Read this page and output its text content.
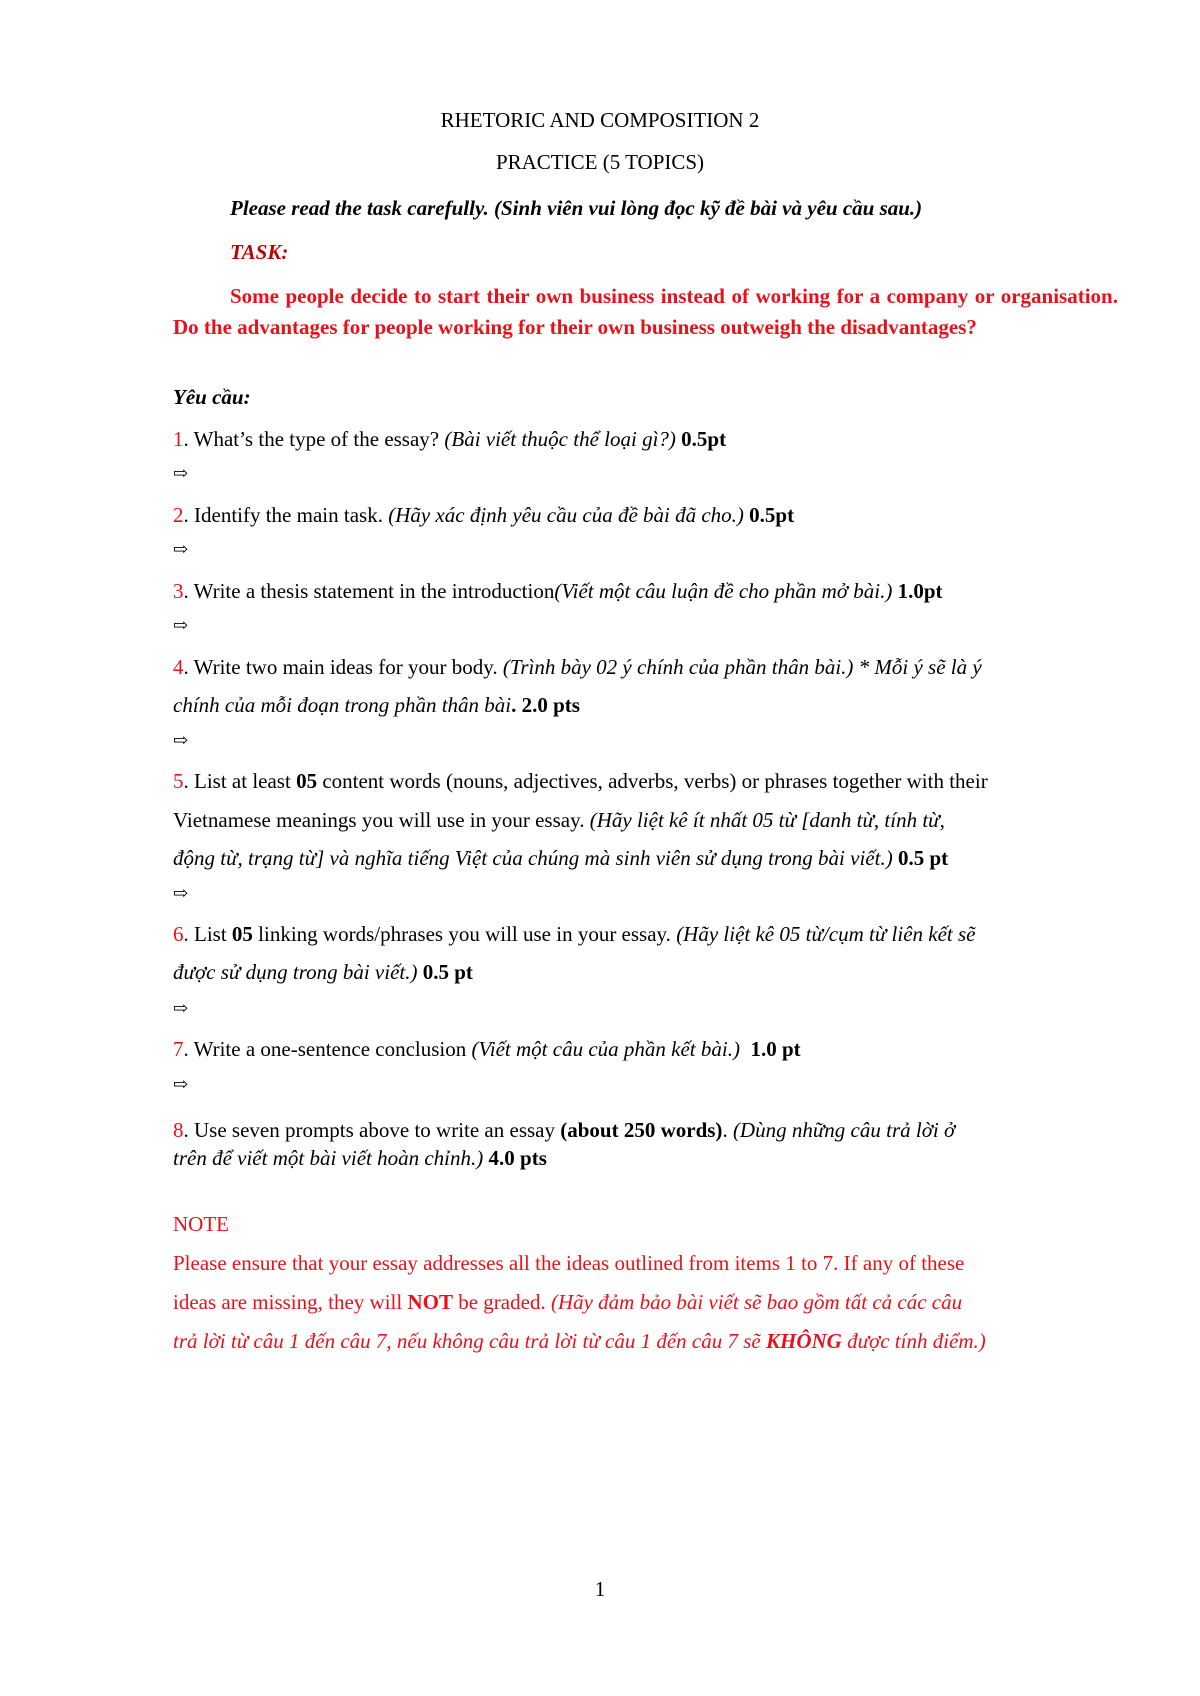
RHETORIC AND COMPOSITION 2
PRACTICE (5 TOPICS)
Please read the task carefully. (Sinh viên vui lòng đọc kỹ đề bài và yêu cầu sau.)
TASK:
Some people decide to start their own business instead of working for a company or organisation. Do the advantages for people working for their own business outweigh the disadvantages?
Yêu cầu:
1. What’s the type of the essay? (Bài viết thuộc thể loại gì?) 0.5pt
⇨
2. Identify the main task. (Hãy xác định yêu cầu của đề bài đã cho.) 0.5pt
⇨
3. Write a thesis statement in the introduction(Viết một câu luận đề cho phần mở bài.) 1.0pt
⇨
4. Write two main ideas for your body. (Trình bày 02 ý chính của phần thân bài.) * Mỗi ý sẽ là ý
chính của mỗi đoạn trong phần thân bài. 2.0 pts
⇨
5. List at least 05 content words (nouns, adjectives, adverbs, verbs) or phrases together with their
Vietnamese meanings you will use in your essay. (Hãy liệt kê ít nhất 05 từ [danh từ, tính từ,
động từ, trạng từ] và nghĩa tiếng Việt của chúng mà sinh viên sử dụng trong bài viết.) 0.5 pt
⇨
6. List 05 linking words/phrases you will use in your essay. (Hãy liệt kê 05 từ/cụm từ liên kết sẽ
được sử dụng trong bài viết.) 0.5 pt
⇨
7. Write a one-sentence conclusion (Viết một câu của phần kết bài.)  1.0 pt
⇨
8. Use seven prompts above to write an essay (about 250 words). (Dùng những câu trả lời ở
trên để viết một bài viết hoàn chỉnh.) 4.0 pts
NOTE
Please ensure that your essay addresses all the ideas outlined from items 1 to 7. If any of these
ideas are missing, they will NOT be graded. (Hãy đảm bảo bài viết sẽ bao gồm tất cả các câu
trả lời từ câu 1 đến câu 7, nếu không câu trả lời từ câu 1 đến câu 7 sẽ KHÔNG được tính điểm.)
1
